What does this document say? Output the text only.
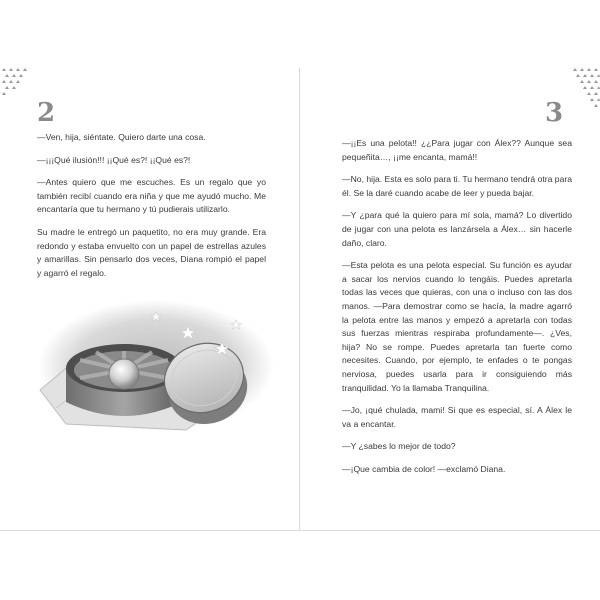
2

—Ven, hija, siéntate. Quiero darte una cosa.

—¡¡¡Qué ilusión!!! ¡¡Qué es?! ¡¡Qué es?!

—Antes quiero que me escuches. Es un regalo que yo también recibí cuando era niña y que me ayudó mucho. Me encantaría que tu hermano y tú pudierais utilizarlo.

Su madre le entregó un paquetito, no era muy grande. Era redondo y estaba envuelto con un papel de estrellas azules y amarillas. Sin pensarlo dos veces, Diana rompió el papel y agarró el regalo.

3

—¡¡Es una pelota!! ¿¿Para jugar con Álex?? Aunque sea pequeñita…, ¡¡me encanta, mamá!!

—No, hija. Esta es solo para ti. Tu hermano tendrá otra para él. Se la daré cuando acabe de leer y pueda bajar.

—Y ¿para qué la quiero para mí sola, mamá? Lo divertido de jugar con una pelota es lanzársela a Álex… sin hacerle daño, claro.

—Esta pelota es una pelota especial. Su función es ayudar a sacar los nervios cuando lo tengáis. Puedes apretarla todas las veces que quieras, con una o incluso con las dos manos. —Para demostrar como se hacía, la madre agarró la pelota entre las manos y empezó a apretarla con todas sus fuerzas mientras respiraba profundamente—. ¿Ves, hija? No se rompe. Puedes apretarla tan fuerte como necesites. Cuando, por ejemplo, te enfades o te pongas nerviosa, puedes usarla para ir consiguiendo más tranquilidad. Yo la llamaba Tranquilina.

—Jo, ¡qué chulada, mami! Si que es especial, sí. A Álex le va a encantar.

—Y ¿sabes lo mejor de todo?

—¡Que cambia de color! —exclamó Diana.
